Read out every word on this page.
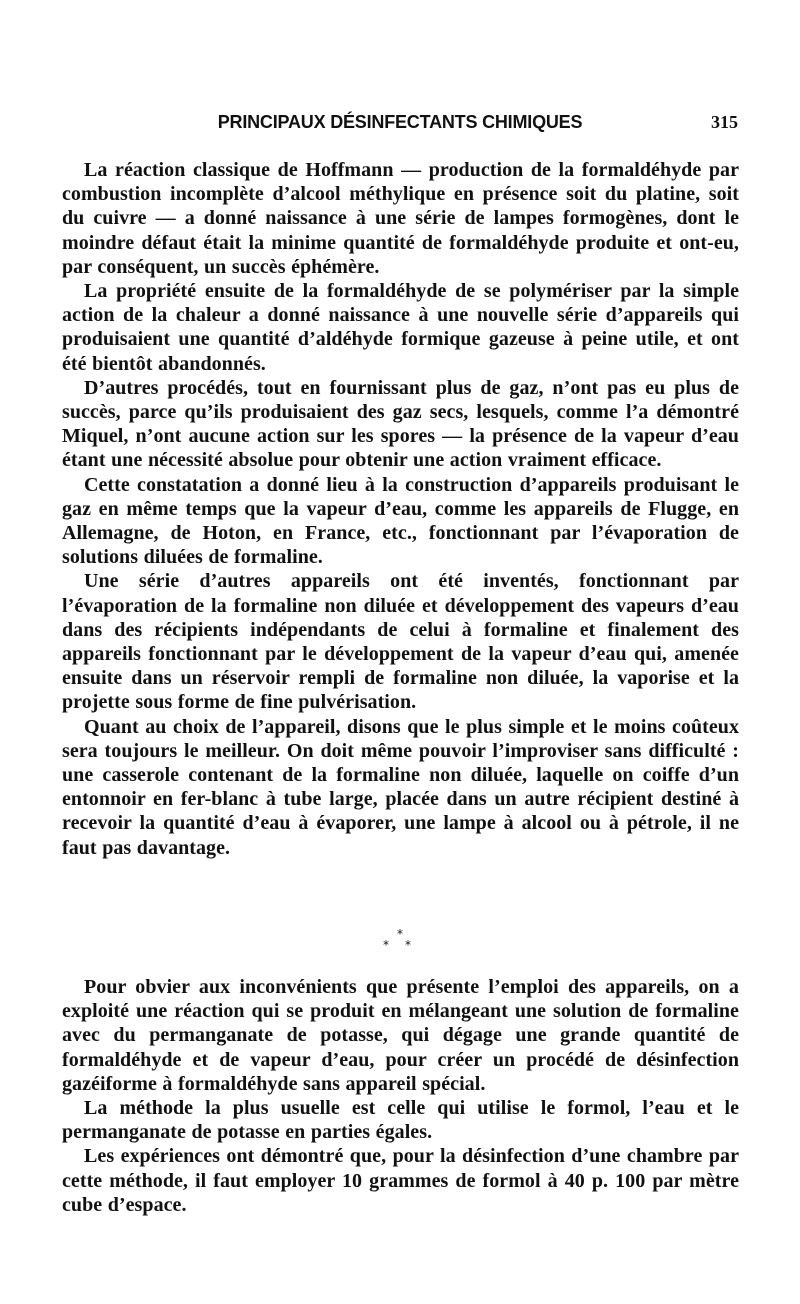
PRINCIPAUX DÉSINFECTANTS CHIMIQUES	315

La réaction classique de Hoffmann — production de la formaldéhyde par combustion incomplète d’alcool méthylique en présence soit du platine, soit du cuivre — a donné naissance à une série de lampes formogènes, dont le moindre défaut était la minime quantité de formaldéhyde produite et ont-eu, par conséquent, un succès éphémère.

La propriété ensuite de la formaldéhyde de se polymériser par la simple action de la chaleur a donné naissance à une nouvelle série d’appareils qui produisaient une quantité d’aldéhyde formique gazeuse à peine utile, et ont été bientôt abandonnés.

D’autres procédés, tout en fournissant plus de gaz, n’ont pas eu plus de succès, parce qu’ils produisaient des gaz secs, lesquels, comme l’a démontré Miquel, n’ont aucune action sur les spores — la présence de la vapeur d’eau étant une nécessité absolue pour obtenir une action vraiment efficace.

Cette constatation a donné lieu à la construction d’appareils produisant le gaz en même temps que la vapeur d’eau, comme les appareils de Flugge, en Allemagne, de Hoton, en France, etc., fonctionnant par l’évaporation de solutions diluées de formaline.

Une série d’autres appareils ont été inventés, fonctionnant par l’évaporation de la formaline non diluée et développement des vapeurs d’eau dans des récipients indépendants de celui à formaline et finalement des appareils fonctionnant par le développement de la vapeur d’eau qui, amenée ensuite dans un réservoir rempli de formaline non diluée, la vaporise et la projette sous forme de fine pulvérisation.

Quant au choix de l’appareil, disons que le plus simple et le moins coûteux sera toujours le meilleur. On doit même pouvoir l’improviser sans difficulté : une casserole contenant de la formaline non diluée, laquelle on coiffe d’un entonnoir en fer-blanc à tube large, placée dans un autre récipient destiné à recevoir la quantité d’eau à évaporer, une lampe à alcool ou à pétrole, il ne faut pas davantage.

*
* *

Pour obvier aux inconvénients que présente l’emploi des appareils, on a exploité une réaction qui se produit en mélangeant une solution de formaline avec du permanganate de potasse, qui dégage une grande quantité de formaldéhyde et de vapeur d’eau, pour créer un procédé de désinfection gazéiforme à formaldéhyde sans appareil spécial.

La méthode la plus usuelle est celle qui utilise le formol, l’eau et le permanganate de potasse en parties égales.

Les expériences ont démontré que, pour la désinfection d’une chambre par cette méthode, il faut employer 10 grammes de formol à 40 p. 100 par mètre cube d’espace.
